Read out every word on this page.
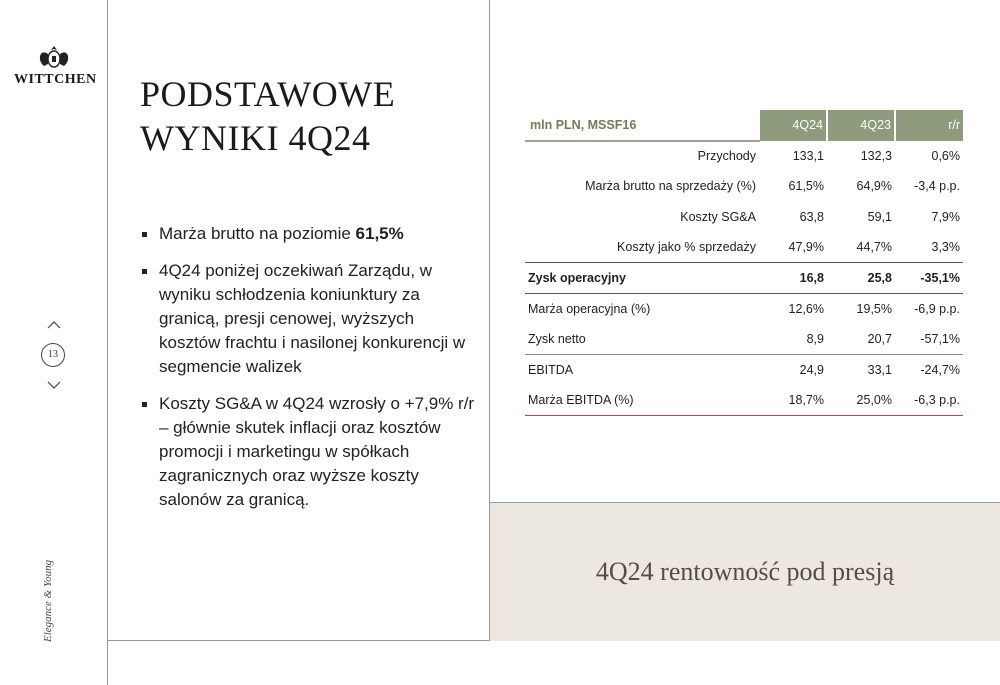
WITTCHEN
13
Elegance & Young
PODSTAWOWE
WYNIKI 4Q24
Marża brutto na poziomie 61,5%
4Q24 poniżej oczekiwań Zarządu, w wyniku schłodzenia koniunktury za granicą, presji cenowej, wyższych kosztów frachtu i nasilonej konkurencji w segmencie walizek
Koszty SG&A w 4Q24 wzrosły o +7,9% r/r – głównie skutek inflacji oraz kosztów promocji i marketingu w spółkach zagranicznych oraz wyższe koszty salonów za granicą.
mln PLN, MSSF16	4Q24	4Q23	r/r
Przychody	133,1	132,3	0,6%
Marża brutto na sprzedaży (%)	61,5%	64,9%	-3,4 p.p.
Koszty SG&A	63,8	59,1	7,9%
Koszty jako % sprzedaży	47,9%	44,7%	3,3%
Zysk operacyjny	16,8	25,8	-35,1%
Marża operacyjna (%)	12,6%	19,5%	-6,9 p.p.
Zysk netto	8,9	20,7	-57,1%
EBITDA	24,9	33,1	-24,7%
Marża EBITDA (%)	18,7%	25,0%	-6,3 p.p.
4Q24 rentowność pod presją
